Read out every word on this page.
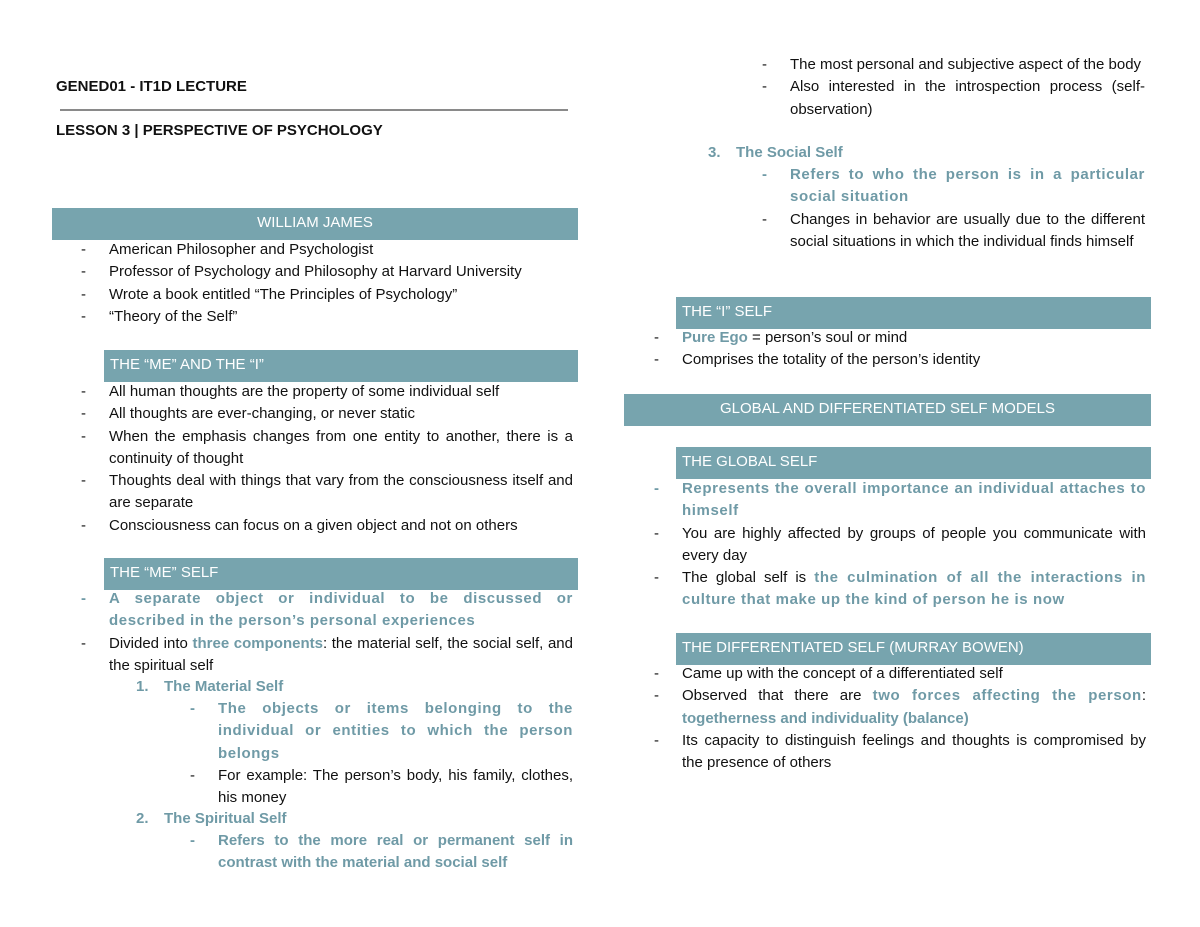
GENED01 - IT1D LECTURE
LESSON 3 | PERSPECTIVE OF PSYCHOLOGY
WILLIAM JAMES
- American Philosopher and Psychologist
- Professor of Psychology and Philosophy at Harvard University
- Wrote a book entitled “The Principles of Psychology”
- “Theory of the Self”
THE “ME” AND THE “I”
- All human thoughts are the property of some individual self
- All thoughts are ever-changing, or never static
- When the emphasis changes from one entity to another, there is a continuity of thought
- Thoughts deal with things that vary from the consciousness itself and are separate
- Consciousness can focus on a given object and not on others
THE “ME” SELF
- A separate object or individual to be discussed or described in the person’s personal experiences
- Divided into three components: the material self, the social self, and the spiritual self
1. The Material Self
- The objects or items belonging to the individual or entities to which the person belongs
- For example: The person’s body, his family, clothes, his money
2. The Spiritual Self
- Refers to the more real or permanent self in contrast with the material and social self
- The most personal and subjective aspect of the body
- Also interested in the introspection process (self-observation)
3. The Social Self
- Refers to who the person is in a particular social situation
- Changes in behavior are usually due to the different social situations in which the individual finds himself
THE “I” SELF
- Pure Ego = person’s soul or mind
- Comprises the totality of the person’s identity
GLOBAL AND DIFFERENTIATED SELF MODELS
THE GLOBAL SELF
- Represents the overall importance an individual attaches to himself
- You are highly affected by groups of people you communicate with every day
- The global self is the culmination of all the interactions in culture that make up the kind of person he is now
THE DIFFERENTIATED SELF (MURRAY BOWEN)
- Came up with the concept of a differentiated self
- Observed that there are two forces affecting the person: togetherness and individuality (balance)
- Its capacity to distinguish feelings and thoughts is compromised by the presence of others
